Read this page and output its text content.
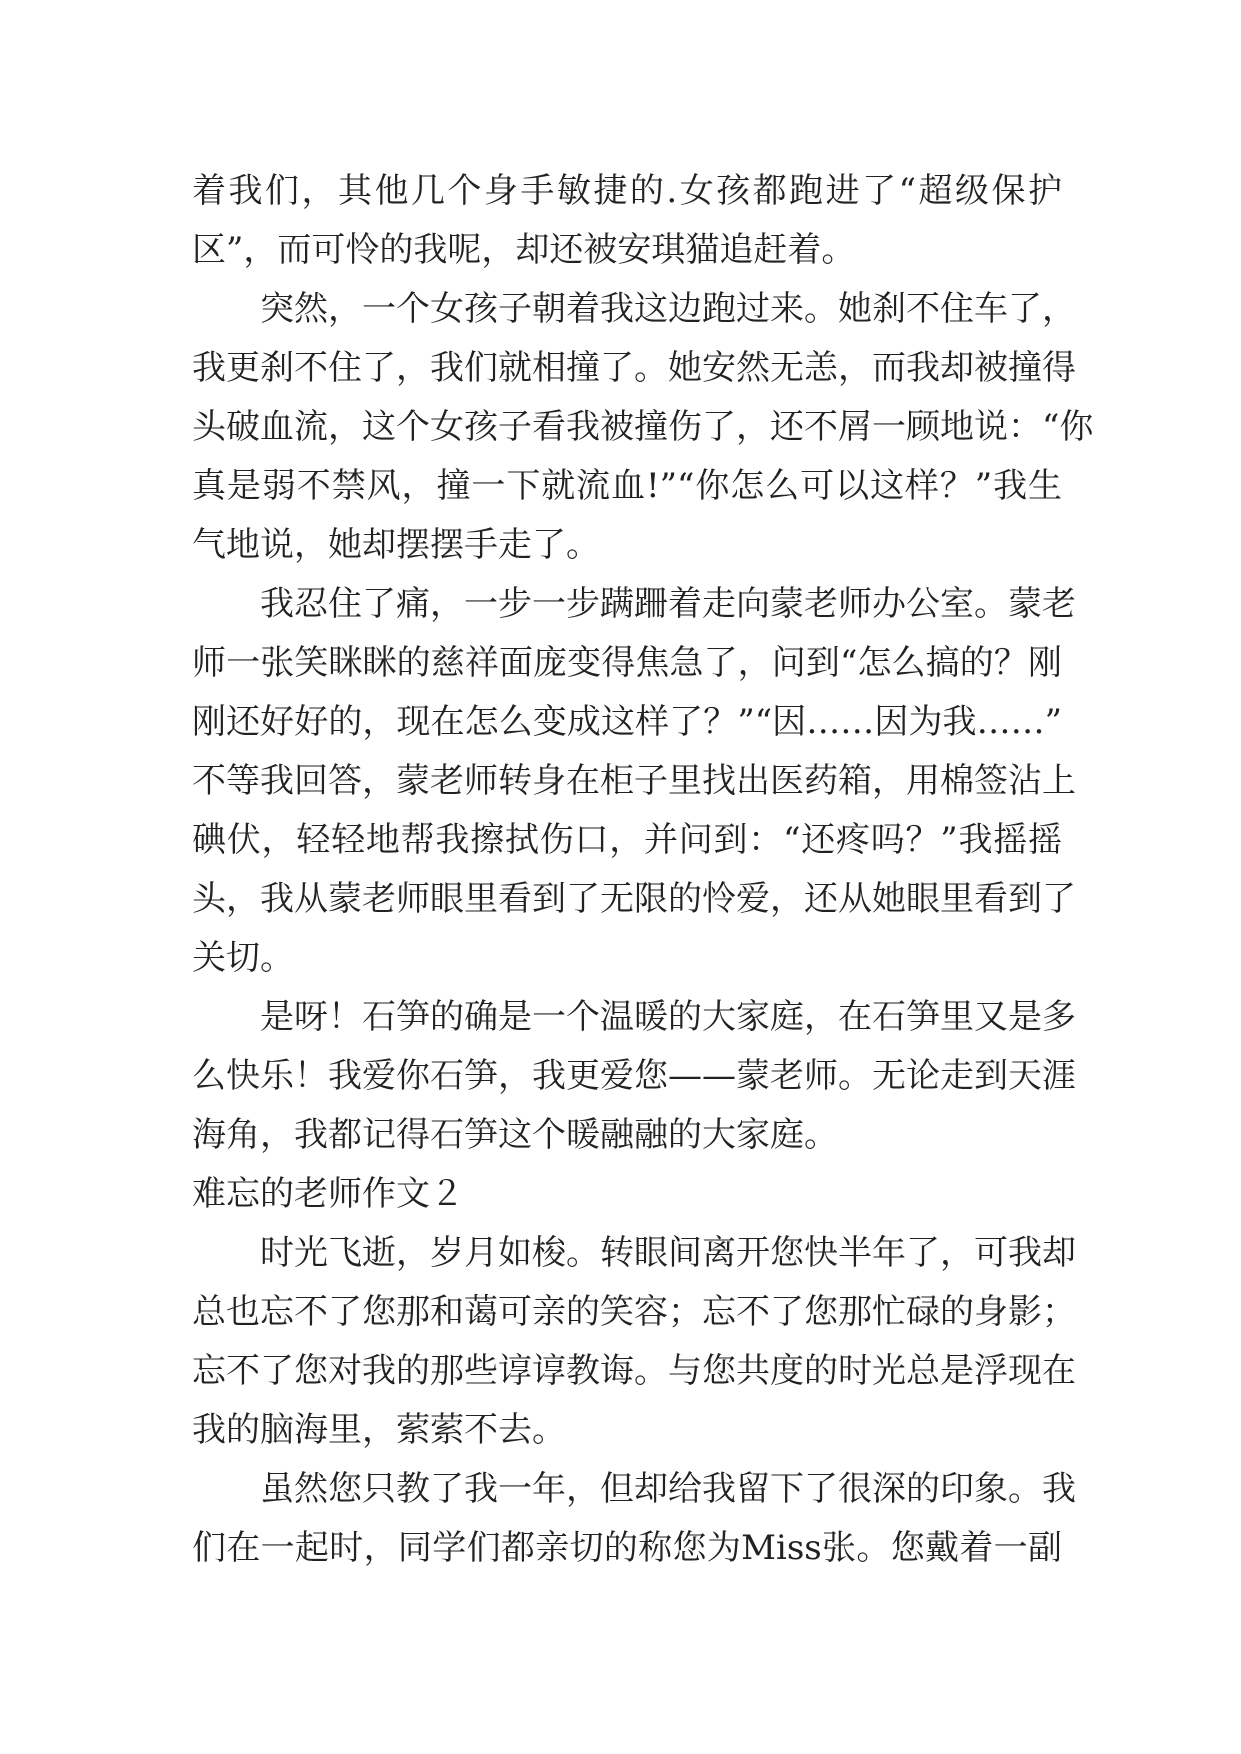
着我们，其他几个身手敏捷的.女孩都跑进了“超级保护
区”，而可怜的我呢，却还被安琪猫追赶着。
突然，一个女孩子朝着我这边跑过来。她刹不住车了，
我更刹不住了，我们就相撞了。她安然无恙，而我却被撞得
头破血流，这个女孩子看我被撞伤了，还不屑一顾地说：“你
真是弱不禁风，撞一下就流血!”“你怎么可以这样？”我生
气地说，她却摆摆手走了。
我忍住了痛，一步一步蹒跚着走向蒙老师办公室。蒙老
师一张笑眯眯的慈祥面庞变得焦急了，问到“怎么搞的？刚
刚还好好的，现在怎么变成这样了？”“因……因为我……”
不等我回答，蒙老师转身在柜子里找出医药箱，用棉签沾上
碘伏，轻轻地帮我擦拭伤口，并问到：“还疼吗？”我摇摇
头，我从蒙老师眼里看到了无限的怜爱，还从她眼里看到了
关切。
是呀！石笋的确是一个温暖的大家庭，在石笋里又是多
么快乐！我爱你石笋，我更爱您——蒙老师。无论走到天涯
海角，我都记得石笋这个暖融融的大家庭。
难忘的老师作文２
时光飞逝，岁月如梭。转眼间离开您快半年了，可我却
总也忘不了您那和蔼可亲的笑容；忘不了您那忙碌的身影；
忘不了您对我的那些谆谆教诲。与您共度的时光总是浮现在
我的脑海里，萦萦不去。
虽然您只教了我一年，但却给我留下了很深的印象。我
们在一起时，同学们都亲切的称您为Miss张。您戴着一副
